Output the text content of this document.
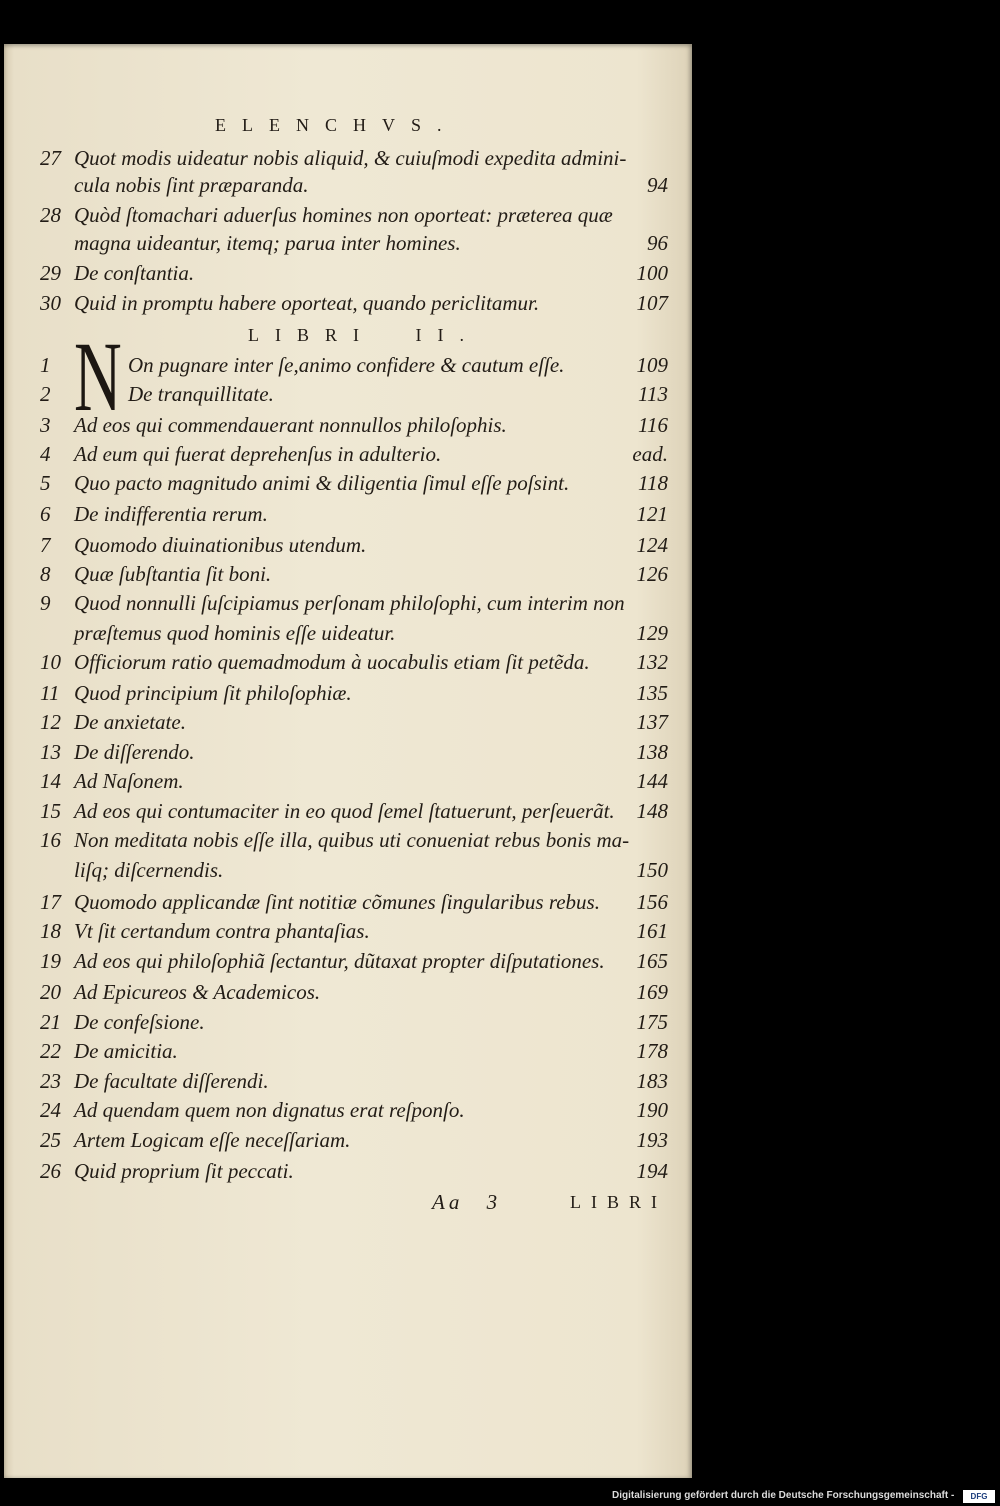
ELENCHVS.
27 Quot modis uideatur nobis aliquid, & cuiuſmodi expedita admini-
cula nobis ſint præparanda.	94
28 Quòd ſtomachari aduerſus homines non oporteat: præterea quæ
magna uideantur, itemq; parua inter homines.	96
29 De conſtantia.	100
30 Quid in promptu habere oporteat, quando periclitamur.	107
LIBRI II.
N
1	On pugnare inter ſe,animo confidere & cautum eſſe.	109
2	De tranquillitate.	113
3 Ad eos qui commendauerant nonnullos philoſophis.	116
4 Ad eum qui fuerat deprehenſus in adulterio.	ead.
5 Quo pacto magnitudo animi & diligentia ſimul eſſe poſsint.	118
6 De indifferentia rerum.	121
7 Quomodo diuinationibus utendum.	124
8 Quæ ſubſtantia ſit boni.	126
9 Quod nonnulli ſuſcipiamus perſonam philoſophi, cum interim non
præſtemus quod hominis eſſe uideatur.	129
10 Officiorum ratio quemadmodum à uocabulis etiam ſit petẽda. 132
11 Quod principium ſit philoſophiæ.	135
12 De anxietate.	137
13 De diſſerendo.	138
14 Ad Naſonem.	144
15 Ad eos qui contumaciter in eo quod ſemel ſtatuerunt, perſeuerãt. 148
16 Non meditata nobis eſſe illa, quibus uti conueniat rebus bonis ma-
liſq; diſcernendis.	150
17 Quomodo applicandæ ſint notitiæ cõmunes ſingularibus rebus. 156
18 Vt ſit certandum contra phantaſias.	161
19 Ad eos qui philoſophiã ſectantur, dũtaxat propter diſputationes. 165
20 Ad Epicureos & Academicos.	169
21 De confeſsione.	175
22 De amicitia.	178
23 De facultate diſſerendi.	183
24 Ad quendam quem non dignatus erat reſponſo.	190
25 Artem Logicam eſſe neceſſariam.	193
26 Quid proprium ſit peccati.	194
Aa 3	LIBRI
Digitalisierung gefördert durch die Deutsche Forschungsgemeinschaft -	DFG
